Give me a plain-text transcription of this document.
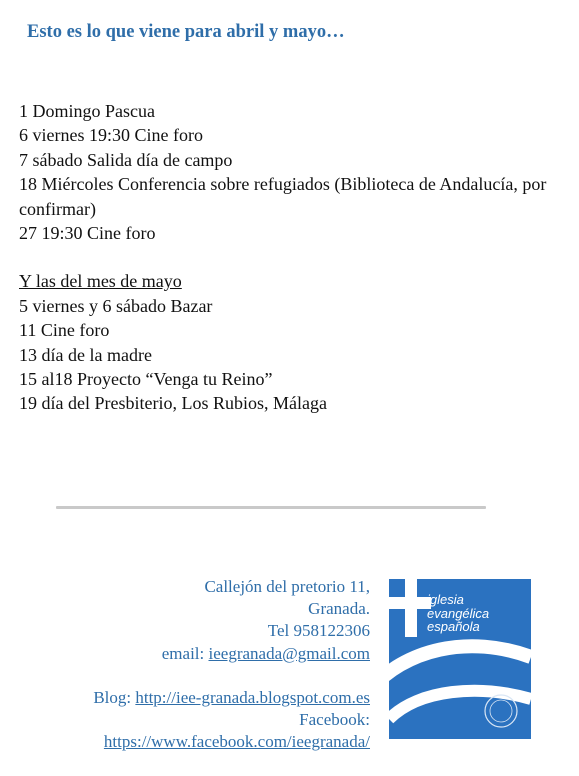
Esto es lo que viene para abril y mayo…
1 Domingo Pascua
6 viernes 19:30 Cine foro
7 sábado Salida día de campo
18 Miércoles Conferencia sobre refugiados (Biblioteca de Andalucía, por confirmar)
27 19:30 Cine foro
Y las del mes de mayo
5 viernes y 6 sábado Bazar
11 Cine foro
13 día de la madre
15 al18 Proyecto “Venga tu Reino”
19 día del Presbiterio, Los Rubios, Málaga
Callejón del pretorio 11,
Granada.
Tel 958122306
email: ieegranada@gmail.com
Blog: http://iee-granada.blogspot.com.es
Facebook:
https://www.facebook.com/ieegranada/
iglesia
evangélica
española
